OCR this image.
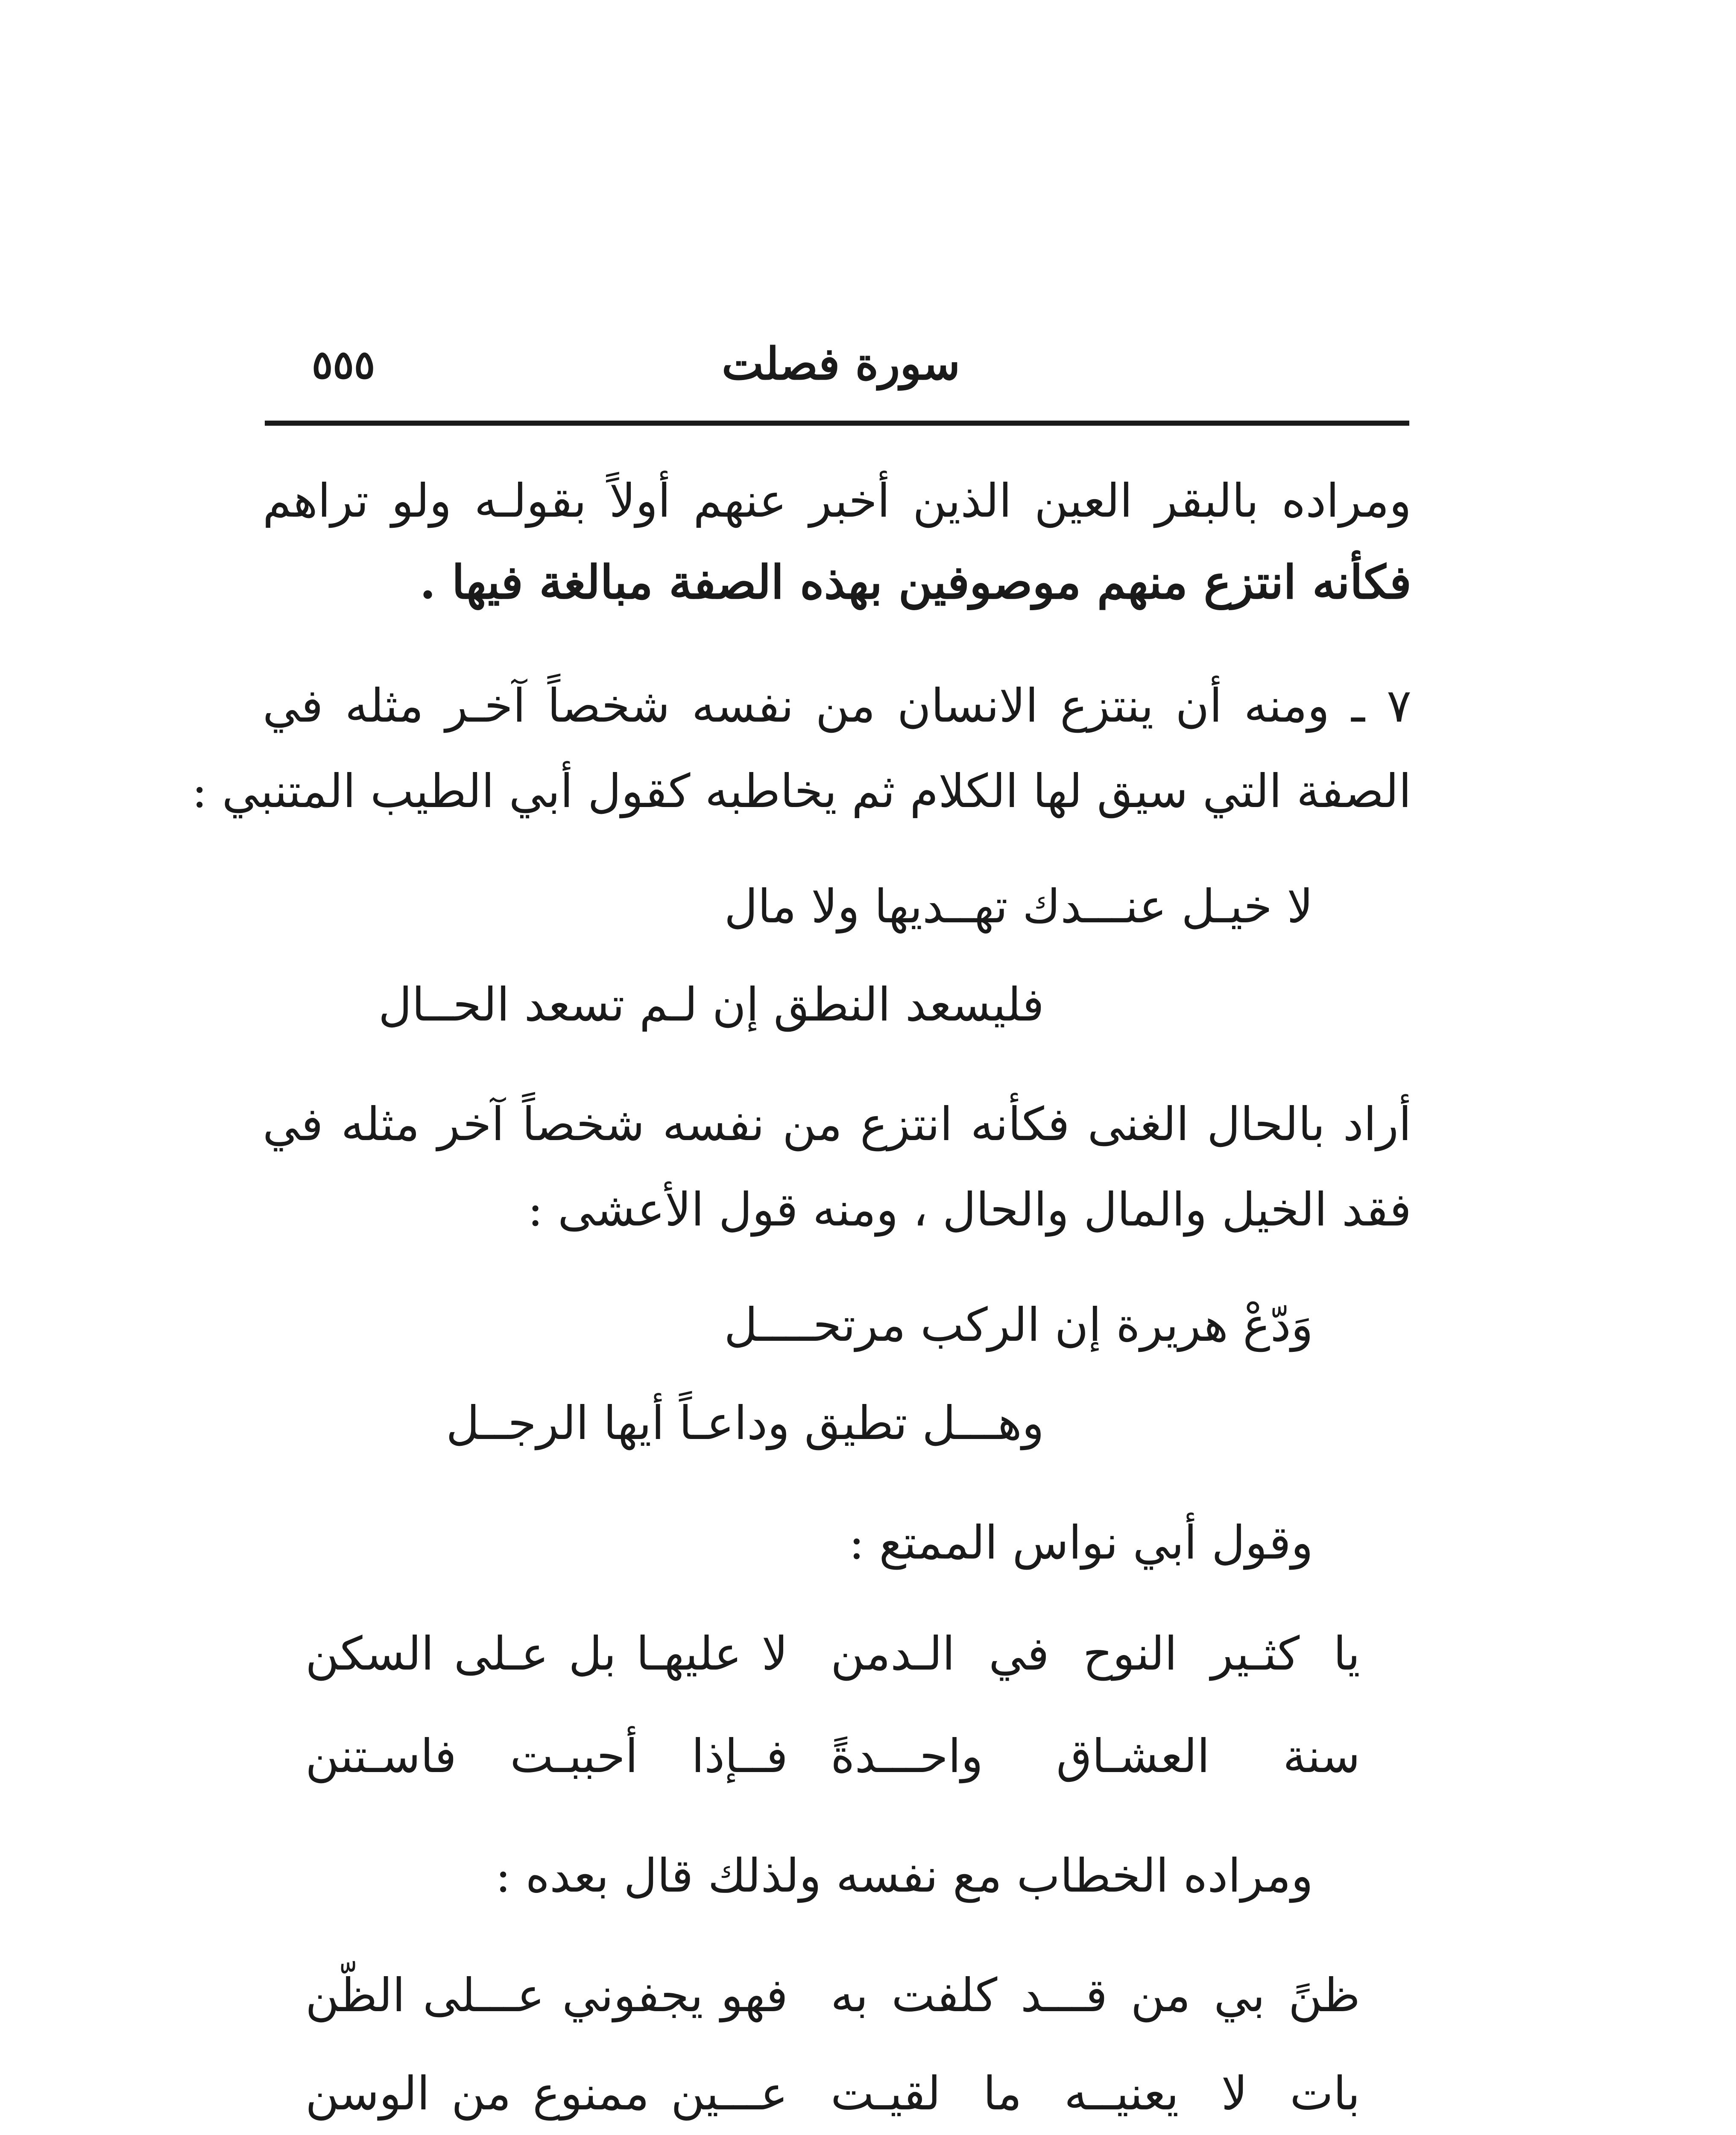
٥٥٥	سورة فصلت
ومراده بالبقر العين الذين أخبر عنهم أولاً بقولـه ولو تراهم
فكأنه انتزع منهم موصوفين بهذه الصفة مبالغة فيها .
٧ ـ ومنه أن ينتزع الانسان من نفسه شخصاً آخـر مثله في
الصفة التي سيق لها الكلام ثم يخاطبه كقول أبي الطيب المتنبي :
لا خيـل عنـــدك تهــديها ولا مال
فليسعد النطق إن لـم تسعد الحــال
أراد بالحال الغنى فكأنه انتزع من نفسه شخصاً آخر مثله في
فقد الخيل والمال والحال ، ومنه قول الأعشى :
وَدّعْ هريرة إن الركب مرتحــــل
وهـــل تطيق وداعـاً أيها الرجــل
وقول أبي نواس الممتع :
يا كثـير النوح في الـدمن
لا عليهـا بل عـلى السكن
سنة العشـاق واحـــدةً
فــإذا أحببـت فاسـتنن
ومراده الخطاب مع نفسه ولذلك قال بعده :
ظنً بي من قـــد كلفت به
فهو يجفوني عـــلى الظّن
بات لا يعنيــه ما لقيـت
عـــين ممنوع من الوسن
